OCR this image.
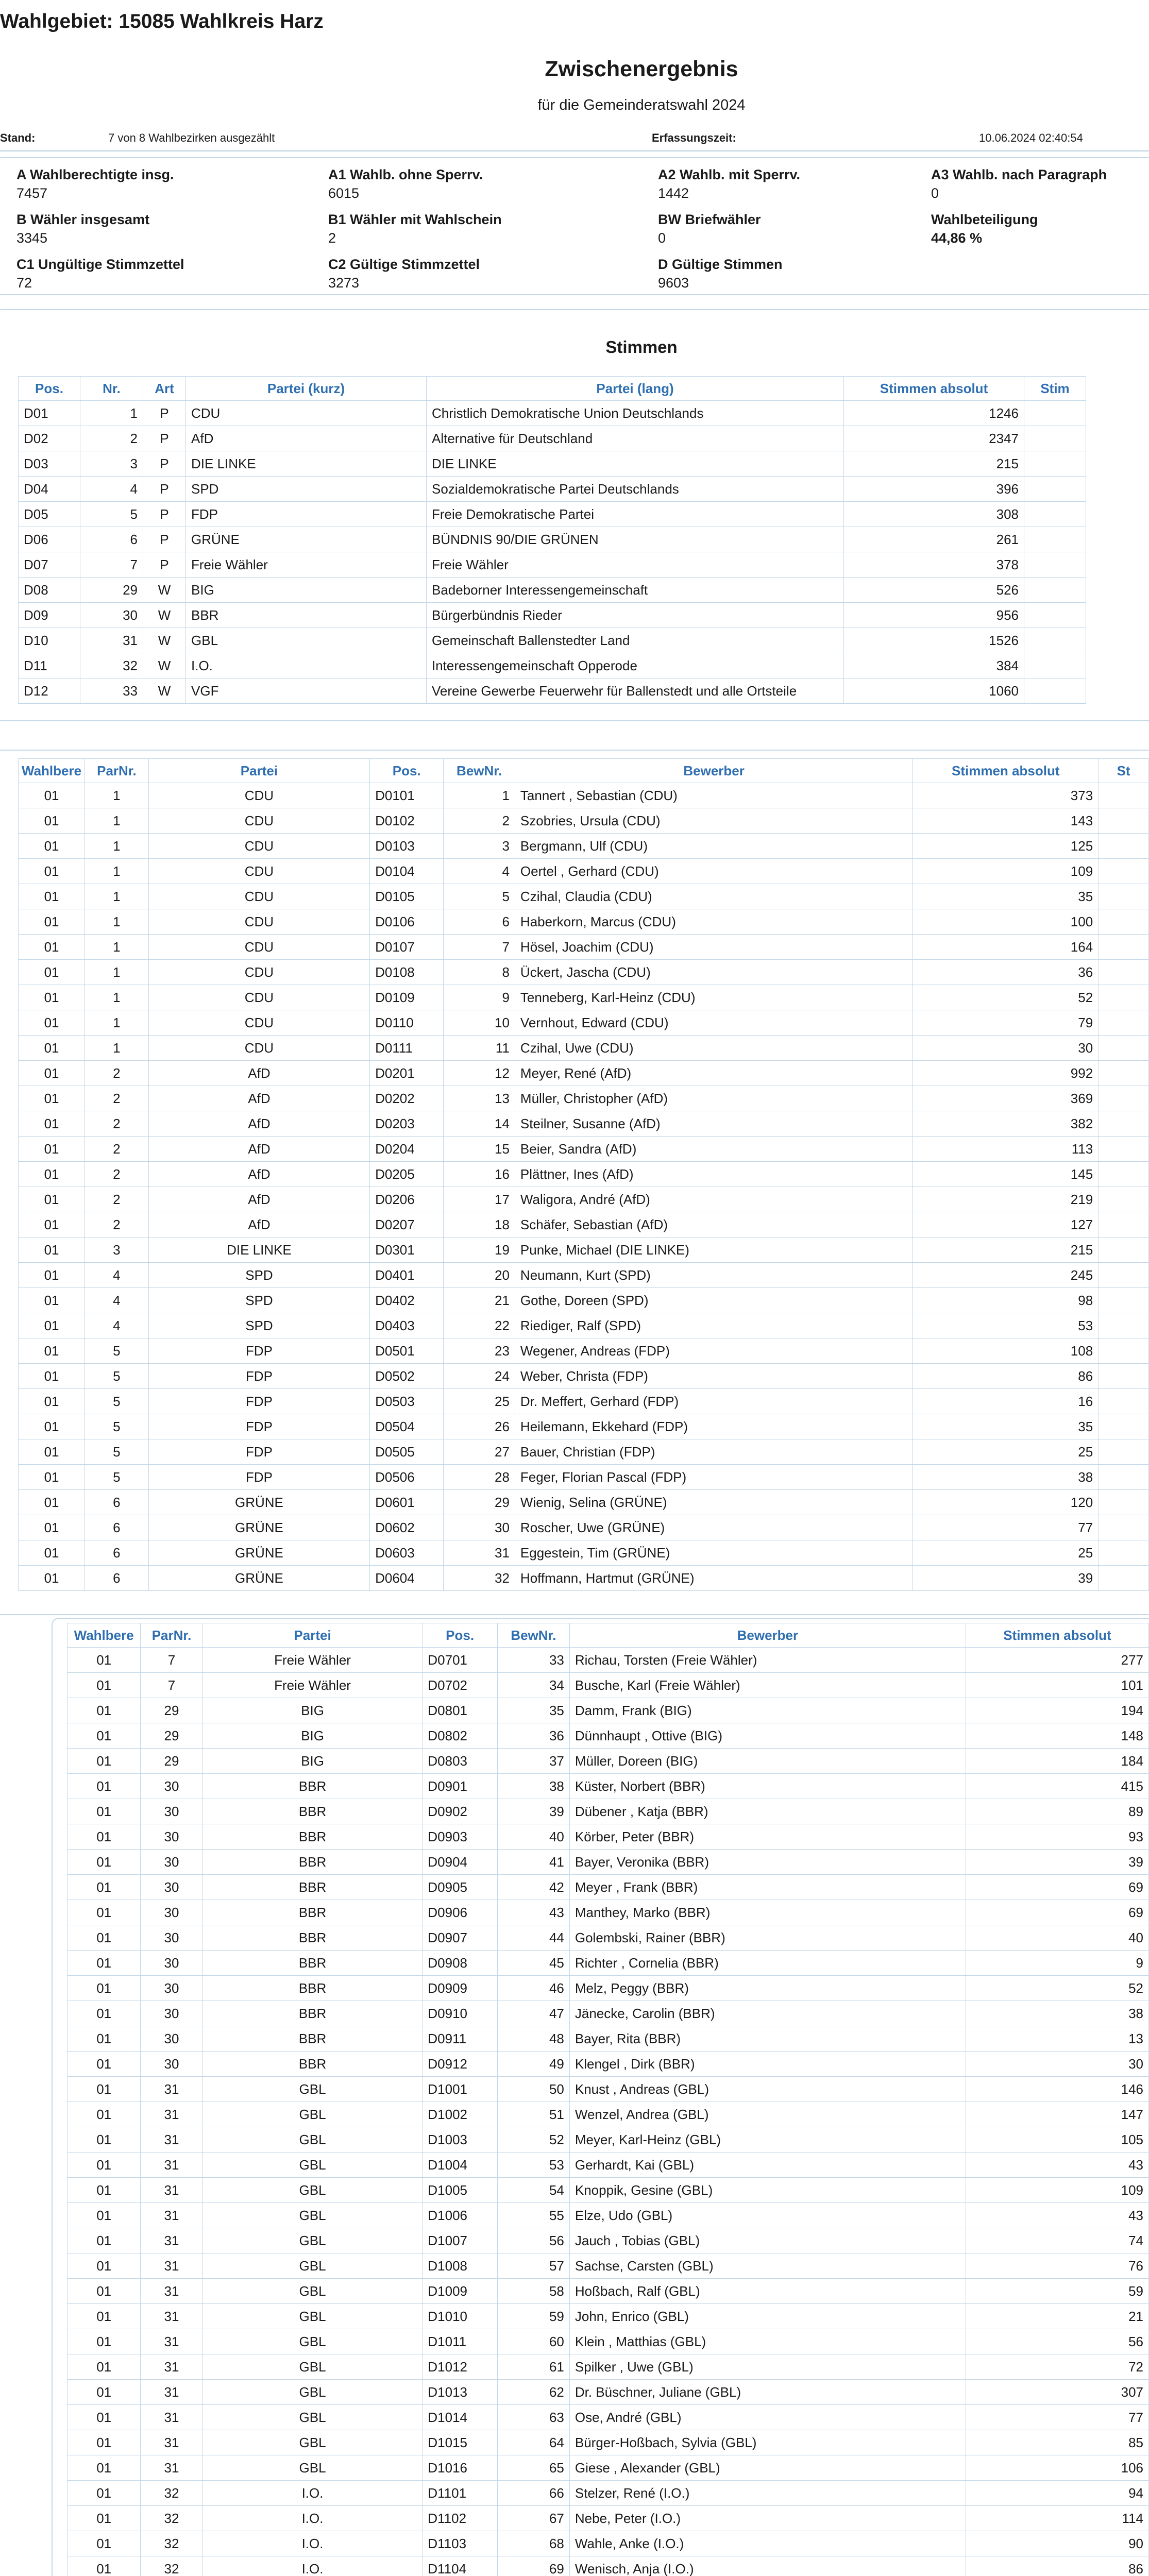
Wahlgebiet: 15085 Wahlkreis Harz
Zwischenergebnis
für die Gemeinderatswahl 2024
Stand:	7 von 8 Wahlbezirken ausgezählt	Erfassungszeit:	10.06.2024 02:40:54
A Wahlberechtigte insg.
7457
A1 Wahlb. ohne Sperrv.
6015
A2 Wahlb. mit Sperrv.
1442
A3 Wahlb. nach Paragraph
0
B Wähler insgesamt
3345
B1 Wähler mit Wahlschein
2
BW Briefwähler
0
Wahlbeteiligung
44,86 %
C1 Ungültige Stimmzettel
72
C2 Gültige Stimmzettel
3273
D Gültige Stimmen
9603
Stimmen
Pos.	Nr.	Art	Partei (kurz)	Partei (lang)	Stimmen absolut	Stim
D01	1	P	CDU	Christlich Demokratische Union Deutschlands	1246	
D02	2	P	AfD	Alternative für Deutschland	2347	
D03	3	P	DIE LINKE	DIE LINKE	215	
D04	4	P	SPD	Sozialdemokratische Partei Deutschlands	396	
D05	5	P	FDP	Freie Demokratische Partei	308	
D06	6	P	GRÜNE	BÜNDNIS 90/DIE GRÜNEN	261	
D07	7	P	Freie Wähler	Freie Wähler	378	
D08	29	W	BIG	Badeborner Interessengemeinschaft	526	
D09	30	W	BBR	Bürgerbündnis Rieder	956	
D10	31	W	GBL	Gemeinschaft Ballenstedter Land	1526	
D11	32	W	I.O.	Interessengemeinschaft Opperode	384	
D12	33	W	VGF	Vereine Gewerbe Feuerwehr für Ballenstedt und alle Ortsteile	1060	
Wahlbere	ParNr.	Partei	Pos.	BewNr.	Bewerber	Stimmen absolut	St
01	1	CDU	D0101	1	Tannert , Sebastian (CDU)	373	
01	1	CDU	D0102	2	Szobries, Ursula (CDU)	143	
01	1	CDU	D0103	3	Bergmann, Ulf (CDU)	125	
01	1	CDU	D0104	4	Oertel , Gerhard (CDU)	109	
01	1	CDU	D0105	5	Czihal, Claudia (CDU)	35	
01	1	CDU	D0106	6	Haberkorn, Marcus (CDU)	100	
01	1	CDU	D0107	7	Hösel, Joachim (CDU)	164	
01	1	CDU	D0108	8	Ückert, Jascha (CDU)	36	
01	1	CDU	D0109	9	Tenneberg, Karl-Heinz (CDU)	52	
01	1	CDU	D0110	10	Vernhout, Edward (CDU)	79	
01	1	CDU	D0111	11	Czihal, Uwe (CDU)	30	
01	2	AfD	D0201	12	Meyer, René (AfD)	992	
01	2	AfD	D0202	13	Müller, Christopher (AfD)	369	
01	2	AfD	D0203	14	Steilner, Susanne (AfD)	382	
01	2	AfD	D0204	15	Beier, Sandra (AfD)	113	
01	2	AfD	D0205	16	Plättner, Ines (AfD)	145	
01	2	AfD	D0206	17	Waligora, André (AfD)	219	
01	2	AfD	D0207	18	Schäfer, Sebastian (AfD)	127	
01	3	DIE LINKE	D0301	19	Punke, Michael (DIE LINKE)	215	
01	4	SPD	D0401	20	Neumann, Kurt (SPD)	245	
01	4	SPD	D0402	21	Gothe, Doreen (SPD)	98	
01	4	SPD	D0403	22	Riediger, Ralf (SPD)	53	
01	5	FDP	D0501	23	Wegener, Andreas (FDP)	108	
01	5	FDP	D0502	24	Weber, Christa (FDP)	86	
01	5	FDP	D0503	25	Dr. Meffert, Gerhard (FDP)	16	
01	5	FDP	D0504	26	Heilemann, Ekkehard (FDP)	35	
01	5	FDP	D0505	27	Bauer, Christian (FDP)	25	
01	5	FDP	D0506	28	Feger, Florian Pascal (FDP)	38	
01	6	GRÜNE	D0601	29	Wienig, Selina (GRÜNE)	120	
01	6	GRÜNE	D0602	30	Roscher, Uwe (GRÜNE)	77	
01	6	GRÜNE	D0603	31	Eggestein, Tim (GRÜNE)	25	
01	6	GRÜNE	D0604	32	Hoffmann, Hartmut (GRÜNE)	39	
Wahlbere	ParNr.	Partei	Pos.	BewNr.	Bewerber	Stimmen absolut
01	7	Freie Wähler	D0701	33	Richau, Torsten (Freie Wähler)	277
01	7	Freie Wähler	D0702	34	Busche, Karl (Freie Wähler)	101
01	29	BIG	D0801	35	Damm, Frank (BIG)	194
01	29	BIG	D0802	36	Dünnhaupt , Ottive (BIG)	148
01	29	BIG	D0803	37	Müller, Doreen (BIG)	184
01	30	BBR	D0901	38	Küster, Norbert (BBR)	415
01	30	BBR	D0902	39	Dübener , Katja (BBR)	89
01	30	BBR	D0903	40	Körber, Peter (BBR)	93
01	30	BBR	D0904	41	Bayer, Veronika (BBR)	39
01	30	BBR	D0905	42	Meyer , Frank (BBR)	69
01	30	BBR	D0906	43	Manthey, Marko (BBR)	69
01	30	BBR	D0907	44	Golembski, Rainer (BBR)	40
01	30	BBR	D0908	45	Richter , Cornelia (BBR)	9
01	30	BBR	D0909	46	Melz, Peggy (BBR)	52
01	30	BBR	D0910	47	Jänecke, Carolin (BBR)	38
01	30	BBR	D0911	48	Bayer, Rita (BBR)	13
01	30	BBR	D0912	49	Klengel , Dirk (BBR)	30
01	31	GBL	D1001	50	Knust , Andreas (GBL)	146
01	31	GBL	D1002	51	Wenzel, Andrea (GBL)	147
01	31	GBL	D1003	52	Meyer, Karl-Heinz (GBL)	105
01	31	GBL	D1004	53	Gerhardt, Kai (GBL)	43
01	31	GBL	D1005	54	Knoppik, Gesine (GBL)	109
01	31	GBL	D1006	55	Elze, Udo (GBL)	43
01	31	GBL	D1007	56	Jauch , Tobias (GBL)	74
01	31	GBL	D1008	57	Sachse, Carsten (GBL)	76
01	31	GBL	D1009	58	Hoßbach, Ralf (GBL)	59
01	31	GBL	D1010	59	John, Enrico (GBL)	21
01	31	GBL	D1011	60	Klein , Matthias (GBL)	56
01	31	GBL	D1012	61	Spilker , Uwe (GBL)	72
01	31	GBL	D1013	62	Dr. Büschner, Juliane (GBL)	307
01	31	GBL	D1014	63	Ose, André (GBL)	77
01	31	GBL	D1015	64	Bürger-Hoßbach, Sylvia (GBL)	85
01	31	GBL	D1016	65	Giese , Alexander (GBL)	106
01	32	I.O.	D1101	66	Stelzer, René (I.O.)	94
01	32	I.O.	D1102	67	Nebe, Peter (I.O.)	114
01	32	I.O.	D1103	68	Wahle, Anke (I.O.)	90
01	32	I.O.	D1104	69	Wenisch, Anja (I.O.)	86
